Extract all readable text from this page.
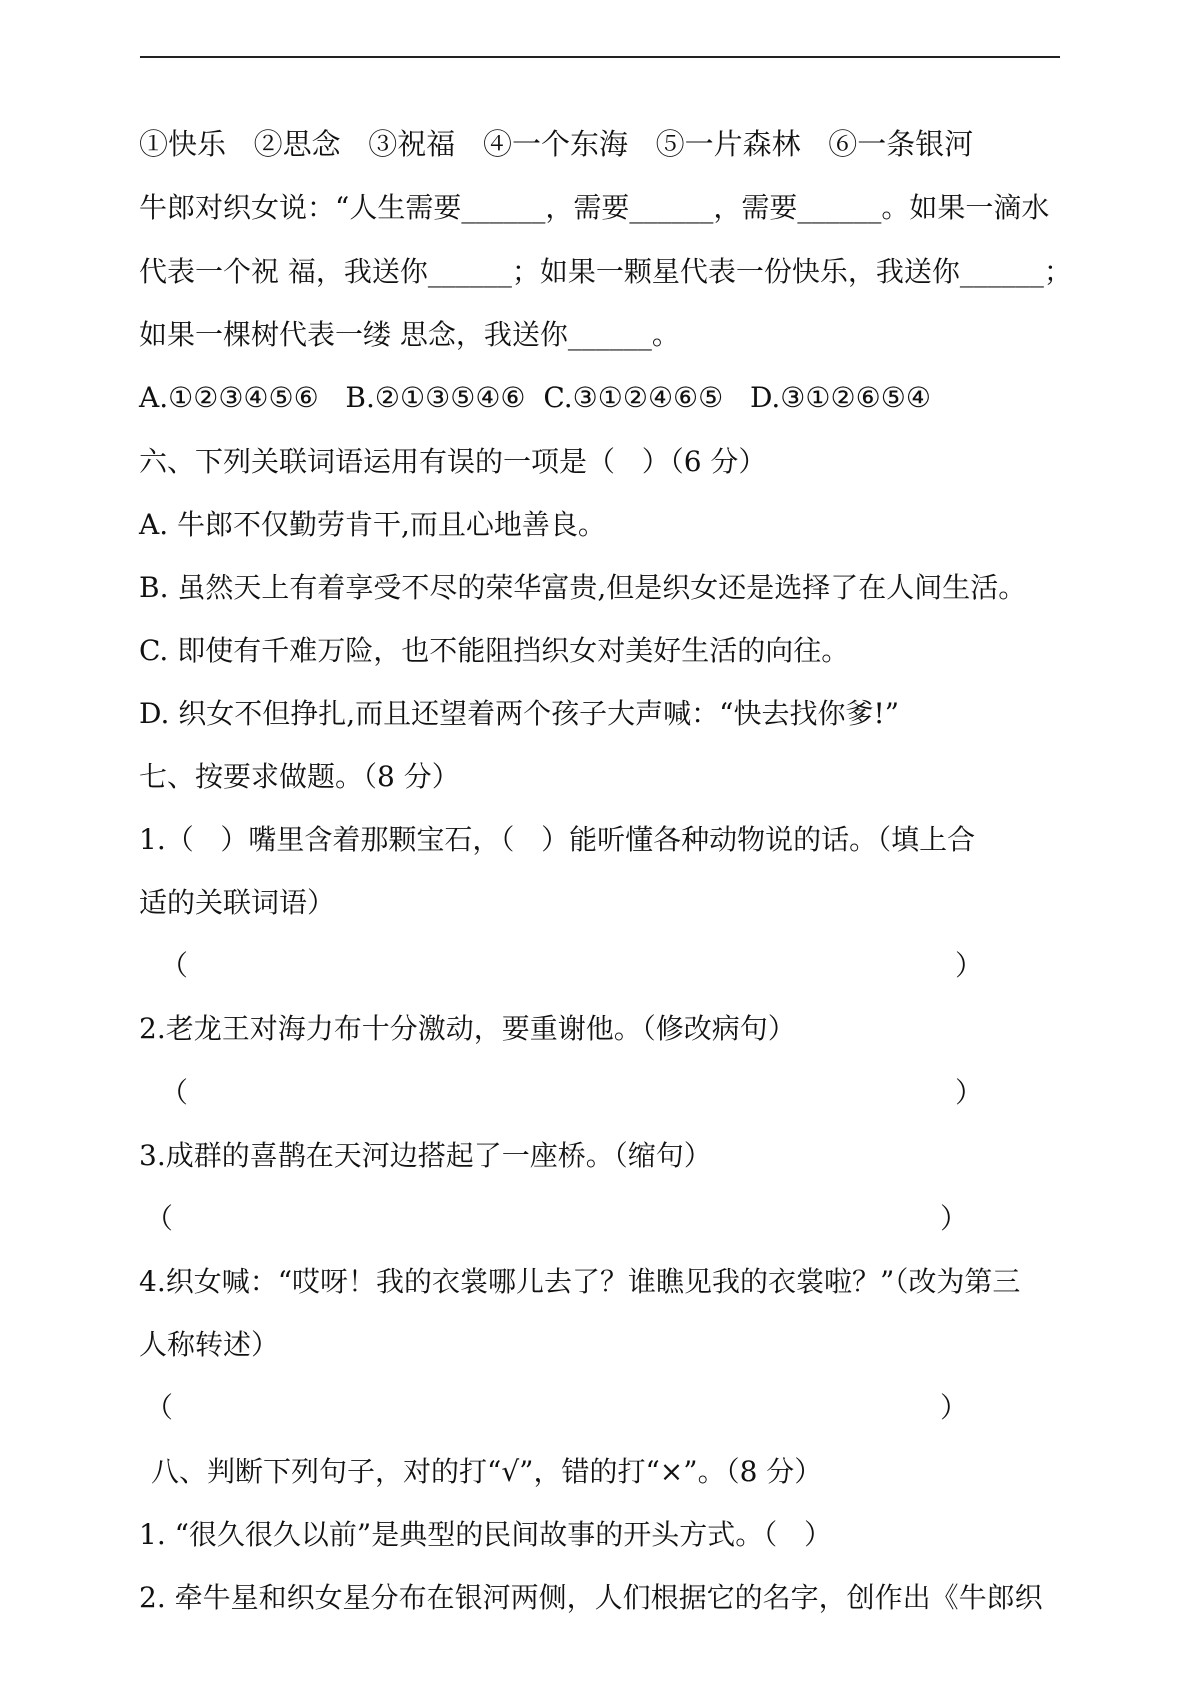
①快乐   ②思念   ③祝福   ④一个东海   ⑤一片森林   ⑥一条银河
牛郎对织女说：“人生需要______，需要______，需要______。如果一滴水
代表一个祝 福，我送你______；如果一颗星代表一份快乐，我送你______；
如果一棵树代表一缕 思念，我送你______。
A.①②③④⑤⑥   B.②①③⑤④⑥  C.③①②④⑥⑤   D.③①②⑥⑤④
六、下列关联词语运用有误的一项是（   ）（6 分）
A. 牛郎不仅勤劳肯干,而且心地善良。
B. 虽然天上有着享受不尽的荣华富贵,但是织女还是选择了在人间生活。
C. 即使有千难万险，也不能阻挡织女对美好生活的向往。
D. 织女不但挣扎,而且还望着两个孩子大声喊：“快去找你爹!”
七、按要求做题。（8 分）
1.（   ）嘴里含着那颗宝石，（   ）能听懂各种动物说的话。（填上合
适的关联词语）
（	）
2.老龙王对海力布十分激动，要重谢他。（修改病句）
（	）
3.成群的喜鹊在天河边搭起了一座桥。（缩句）
（	）
4.织女喊：“哎呀！我的衣裳哪儿去了？谁瞧见我的衣裳啦？”（改为第三
人称转述）
（	）
八、判断下列句子，对的打“√”，错的打“×”。（8 分）
1. “很久很久以前”是典型的民间故事的开头方式。（   ）
2. 牵牛星和织女星分布在银河两侧，人们根据它的名字，创作出《牛郎织
